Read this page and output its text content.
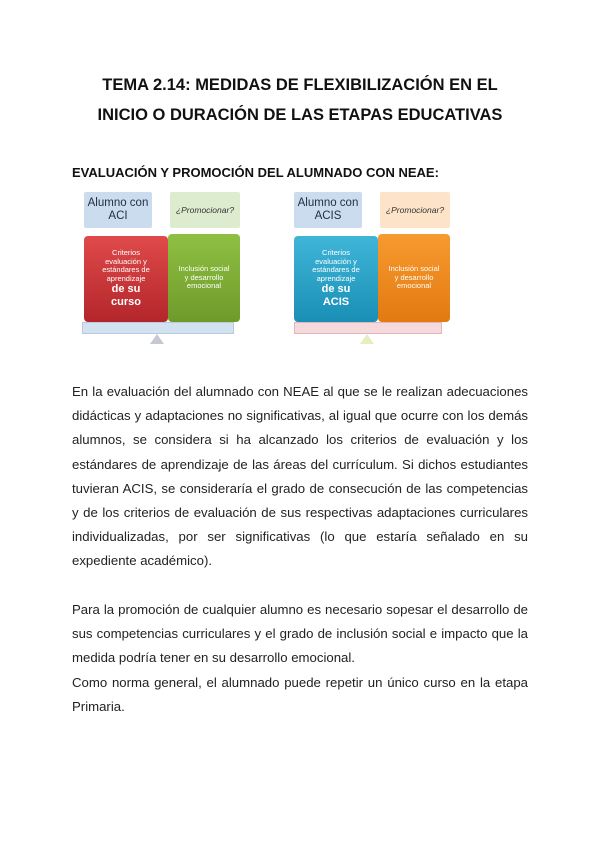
TEMA 2.14: MEDIDAS DE FLEXIBILIZACIÓN EN EL
INICIO O DURACIÓN DE LAS ETAPAS EDUCATIVAS
EVALUACIÓN Y PROMOCIÓN DEL ALUMNADO CON NEAE:
Alumno con ACI
¿Promocionar?
Criterios evaluación y estándares de aprendizaje
de su curso
Inclusión social y desarrollo emocional
Alumno con ACIS
¿Promocionar?
Criterios evaluación y estándares de aprendizaje
de su ACIS
Inclusión social y desarrollo emocional

En la evaluación del alumnado con NEAE al que se le realizan adecuaciones didácticas y adaptaciones no significativas, al igual que ocurre con los demás alumnos, se considera si ha alcanzado los criterios de evaluación y los estándares de aprendizaje de las áreas del currículum. Si dichos estudiantes tuvieran ACIS, se consideraría el grado de consecución de las competencias y de los criterios de evaluación de sus respectivas adaptaciones curriculares individualizadas, por ser significativas (lo que estaría señalado en su expediente académico).

Para la promoción de cualquier alumno es necesario sopesar el desarrollo de sus competencias curriculares y el grado de inclusión social e impacto que la medida podría tener en su desarrollo emocional.

Como norma general, el alumnado puede repetir un único curso en la etapa Primaria.
